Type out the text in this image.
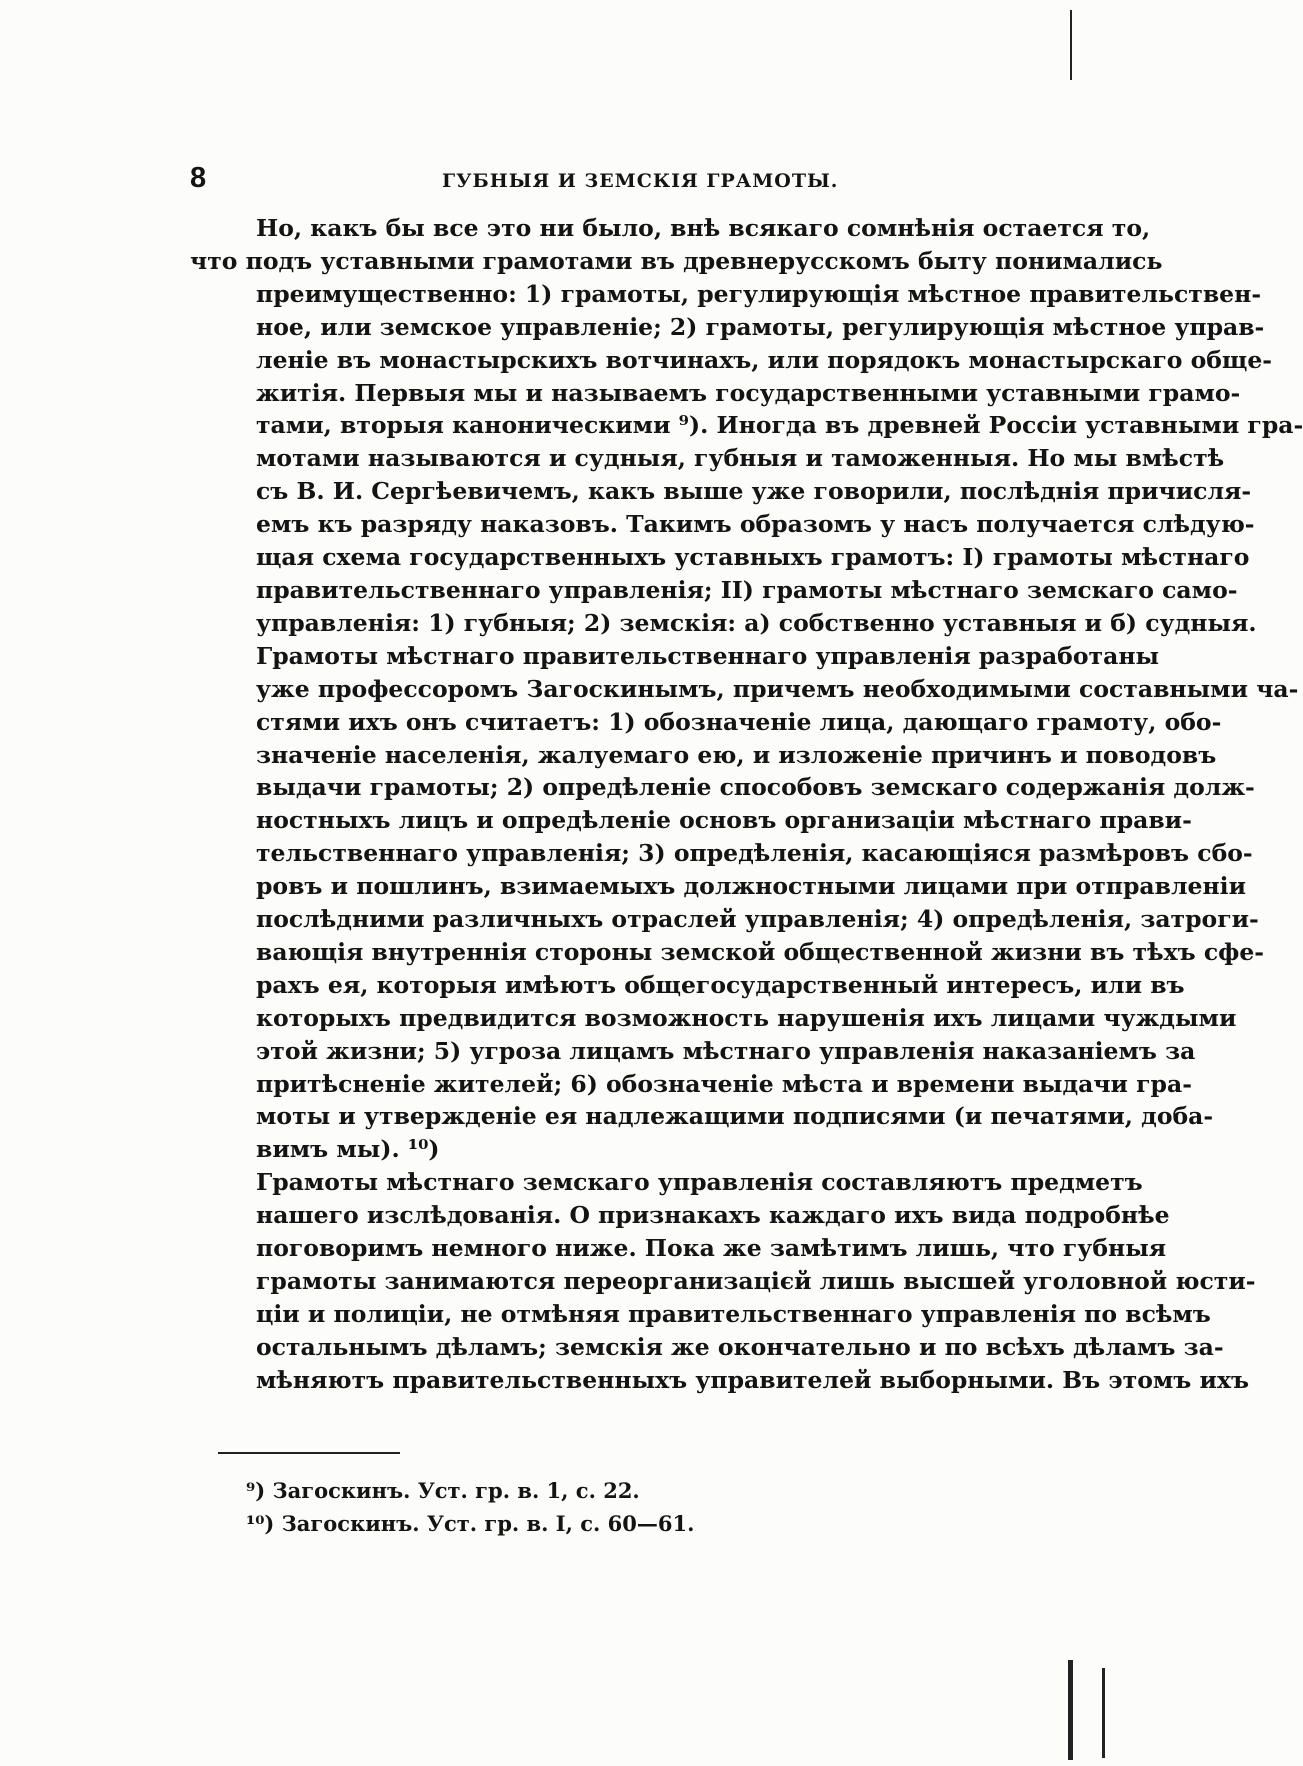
8	ГУБНЫЯ И ЗЕМСКІЯ ГРАМОТЫ.

Но, какъ бы все это ни было, внѣ всякаго сомнѣнія остается то,
что подъ уставными грамотами въ древнерусскомъ быту понимались
преимущественно: 1) грамоты, регулирующія мѣстное правительствен-
ное, или земское управленіе; 2) грамоты, регулирующія мѣстное управ-
леніе въ монастырскихъ вотчинахъ, или порядокъ монастырскаго обще-
житія. Первыя мы и называемъ государственными уставными грамо-
тами, вторыя каноническими ⁹). Иногда въ древней Россіи уставными гра-
мотами называются и судныя, губныя и таможенныя. Но мы вмѣстѣ
съ В. И. Сергѣевичемъ, какъ выше уже говорили, послѣднія причисля-
емъ къ разряду наказовъ. Такимъ образомъ у насъ получается слѣдую-
щая схема государственныхъ уставныхъ грамотъ: I) грамоты мѣстнаго
правительственнаго управленія; II) грамоты мѣстнаго земскаго само-
управленія: 1) губныя; 2) земскія: а) собственно уставныя и б) судныя.

Грамоты мѣстнаго правительственнаго управленія разработаны
уже профессоромъ Загоскинымъ, причемъ необходимыми составными ча-
стями ихъ онъ считаетъ: 1) обозначеніе лица, дающаго грамоту, обо-
значеніе населенія, жалуемаго ею, и изложеніе причинъ и поводовъ
выдачи грамоты; 2) опредѣленіе способовъ земскаго содержанія долж-
ностныхъ лицъ и опредѣленіе основъ организаціи мѣстнаго прави-
тельственнаго управленія; 3) опредѣленія, касающіяся размѣровъ сбо-
ровъ и пошлинъ, взимаемыхъ должностными лицами при отправленіи
послѣдними различныхъ отраслей управленія; 4) опредѣленія, затроги-
вающія внутреннія стороны земской общественной жизни въ тѣхъ сфе-
рахъ ея, которыя имѣютъ общегосударственный интересъ, или въ
которыхъ предвидится возможность нарушенія ихъ лицами чуждыми
этой жизни; 5) угроза лицамъ мѣстнаго управленія наказаніемъ за
притѣсненіе жителей; 6) обозначеніе мѣста и времени выдачи гра-
моты и утвержденіе ея надлежащими подписями (и печатями, доба-
вимъ мы). ¹⁰)

Грамоты мѣстнаго земскаго управленія составляютъ предметъ
нашего изслѣдованія. О признакахъ каждаго ихъ вида подробнѣе
поговоримъ немного ниже. Пока же замѣтимъ лишь, что губныя
грамоты занимаются переорганизацієй лишь высшей уголовной юсти-
ціи и полиціи, не отмѣняя правительственнаго управленія по всѣмъ
остальнымъ дѣламъ; земскія же окончательно и по всѣхъ дѣламъ за-
мѣняютъ правительственныхъ управителей выборными. Въ этомъ ихъ

⁹) Загоскинъ. Уст. гр. в. 1, с. 22.
¹⁰) Загоскинъ. Уст. гр. в. I, с. 60—61.
